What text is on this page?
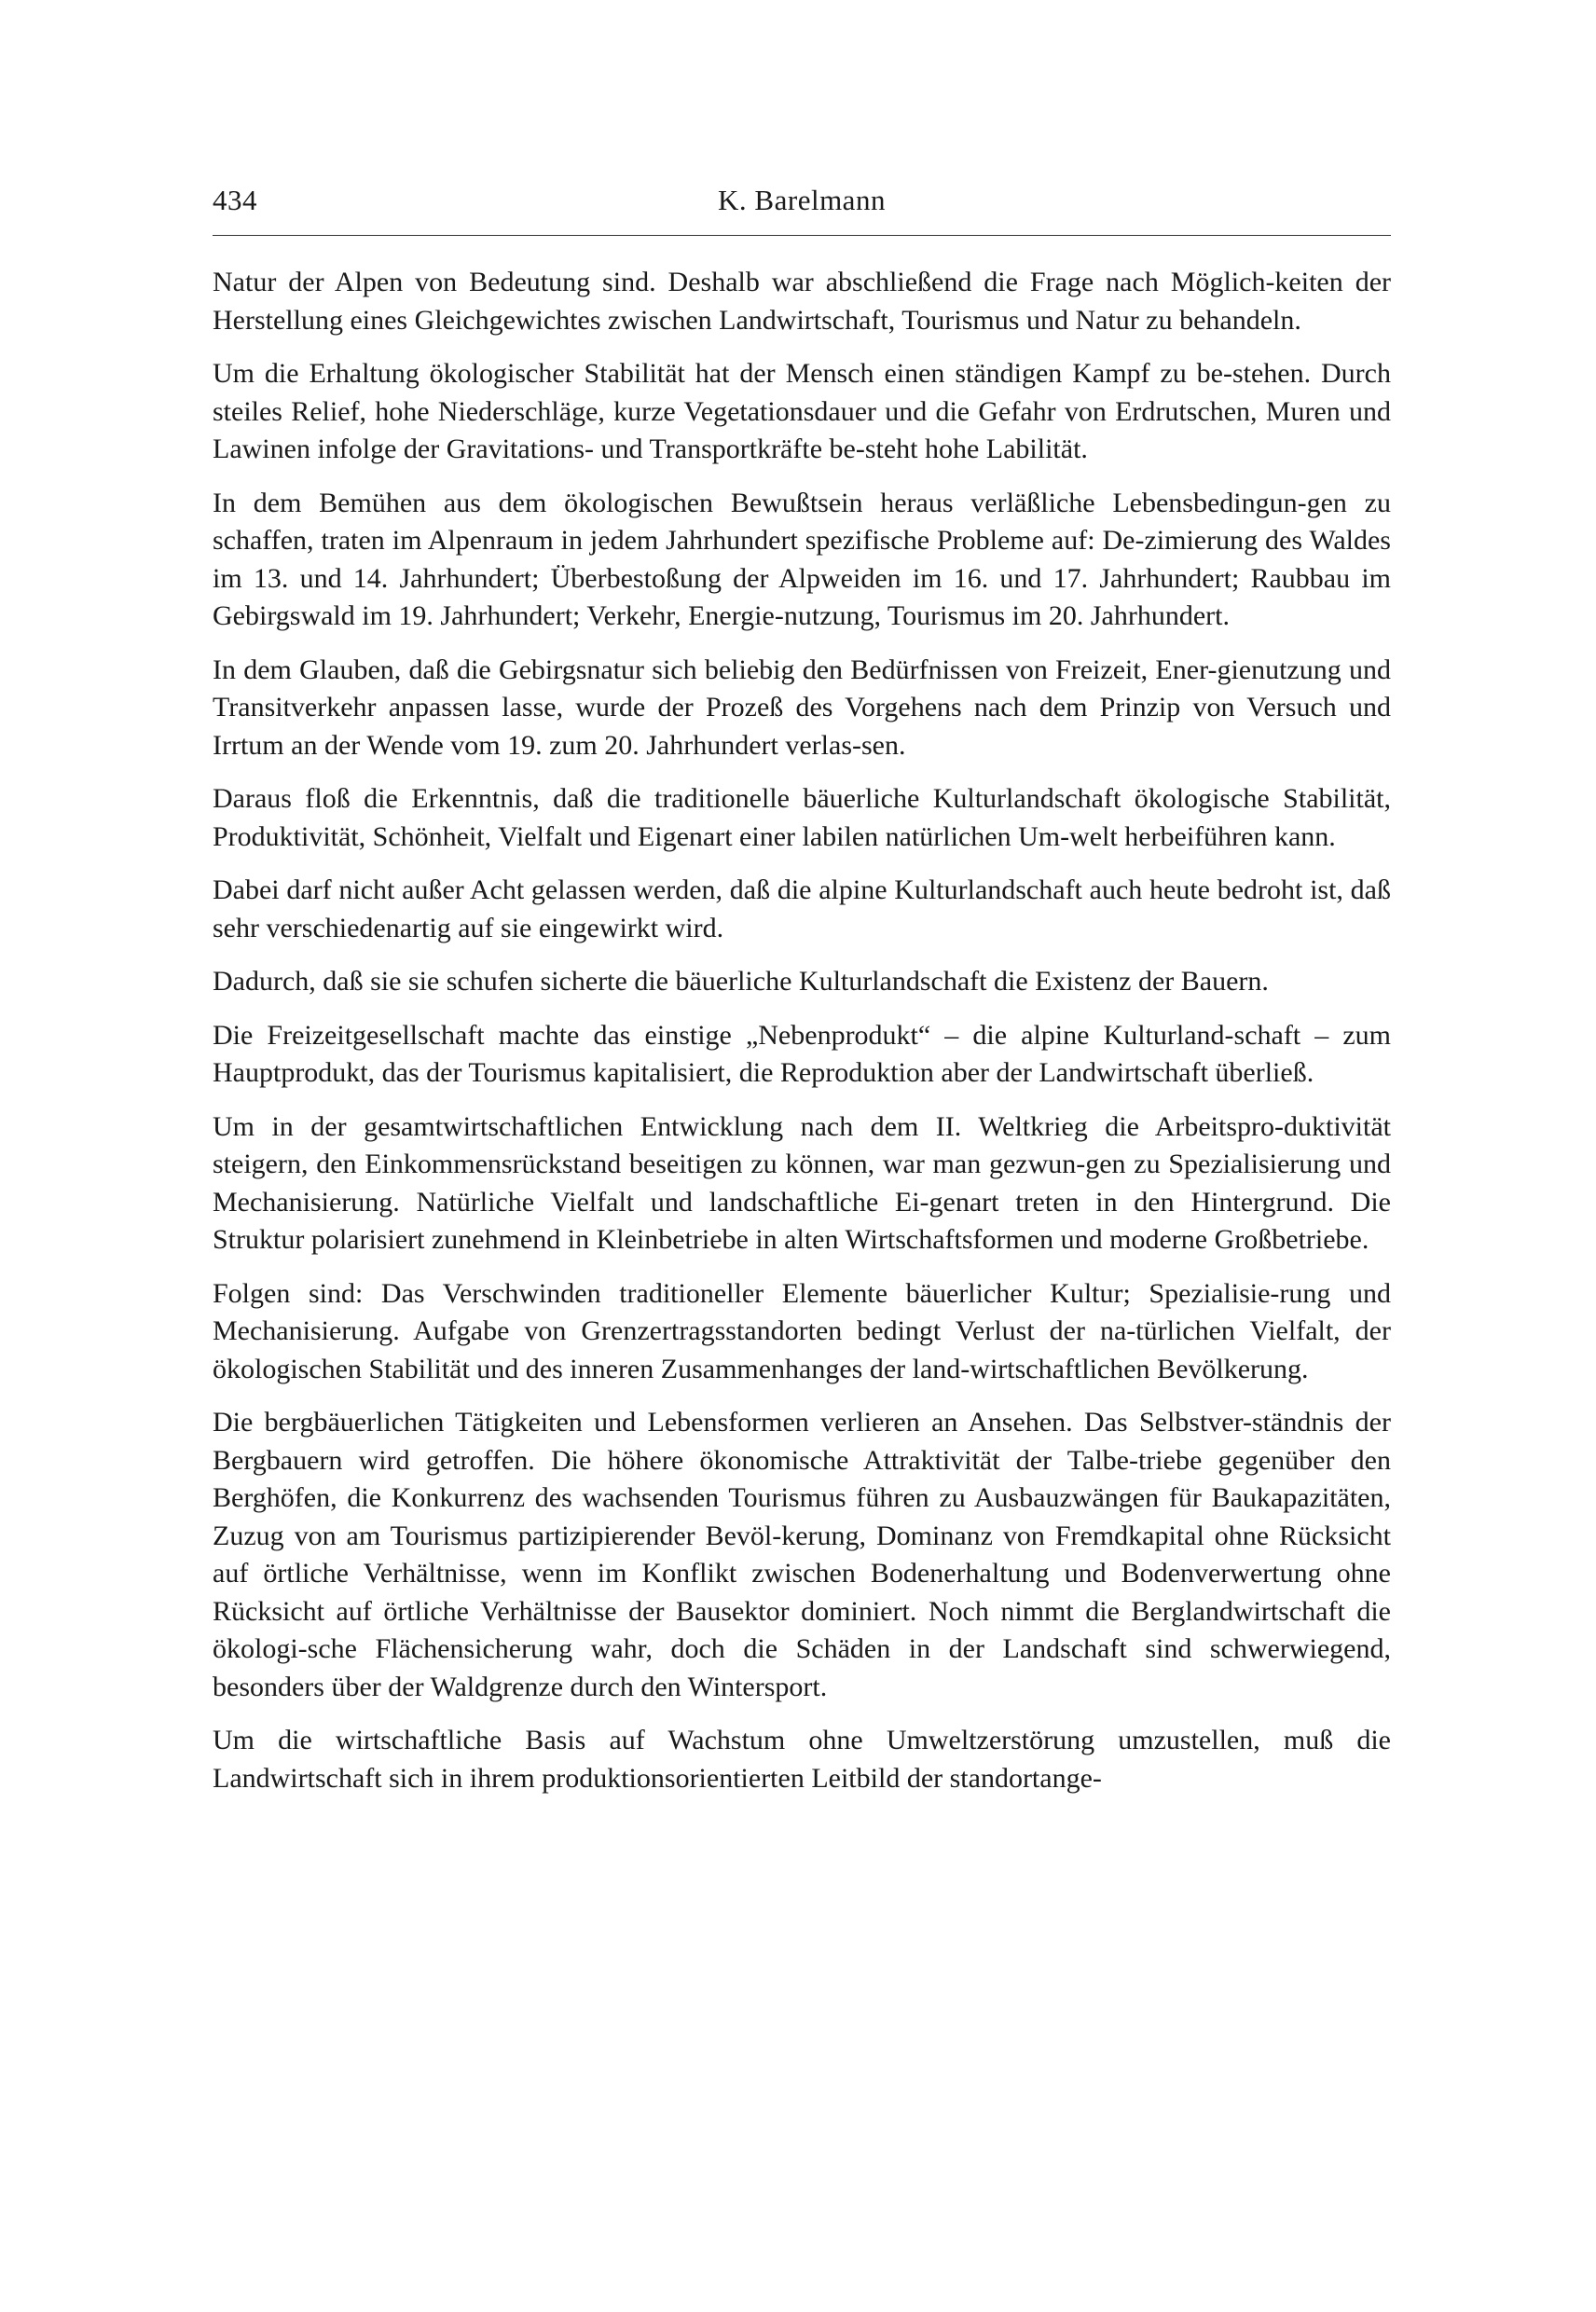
434	K. Barelmann

Natur der Alpen von Bedeutung sind. Deshalb war abschließend die Frage nach Möglich-keiten der Herstellung eines Gleichgewichtes zwischen Landwirtschaft, Tourismus und Natur zu behandeln.

Um die Erhaltung ökologischer Stabilität hat der Mensch einen ständigen Kampf zu be-stehen. Durch steiles Relief, hohe Niederschläge, kurze Vegetationsdauer und die Gefahr von Erdrutschen, Muren und Lawinen infolge der Gravitations- und Transportkräfte be-steht hohe Labilität.

In dem Bemühen aus dem ökologischen Bewußtsein heraus verläßliche Lebensbedingun-gen zu schaffen, traten im Alpenraum in jedem Jahrhundert spezifische Probleme auf: De-zimierung des Waldes im 13. und 14. Jahrhundert; Überbestoßung der Alpweiden im 16. und 17. Jahrhundert; Raubbau im Gebirgswald im 19. Jahrhundert; Verkehr, Energie-nutzung, Tourismus im 20. Jahrhundert.

In dem Glauben, daß die Gebirgsnatur sich beliebig den Bedürfnissen von Freizeit, Ener-gienutzung und Transitverkehr anpassen lasse, wurde der Prozeß des Vorgehens nach dem Prinzip von Versuch und Irrtum an der Wende vom 19. zum 20. Jahrhundert verlas-sen.

Daraus floß die Erkenntnis, daß die traditionelle bäuerliche Kulturlandschaft ökologische Stabilität, Produktivität, Schönheit, Vielfalt und Eigenart einer labilen natürlichen Um-welt herbeiführen kann.

Dabei darf nicht außer Acht gelassen werden, daß die alpine Kulturlandschaft auch heute bedroht ist, daß sehr verschiedenartig auf sie eingewirkt wird.

Dadurch, daß sie sie schufen sicherte die bäuerliche Kulturlandschaft die Existenz der Bauern.

Die Freizeitgesellschaft machte das einstige „Nebenprodukt“ – die alpine Kulturland-schaft – zum Hauptprodukt, das der Tourismus kapitalisiert, die Reproduktion aber der Landwirtschaft überließ.

Um in der gesamtwirtschaftlichen Entwicklung nach dem II. Weltkrieg die Arbeitspro-duktivität steigern, den Einkommensrückstand beseitigen zu können, war man gezwun-gen zu Spezialisierung und Mechanisierung. Natürliche Vielfalt und landschaftliche Ei-genart treten in den Hintergrund. Die Struktur polarisiert zunehmend in Kleinbetriebe in alten Wirtschaftsformen und moderne Großbetriebe.

Folgen sind: Das Verschwinden traditioneller Elemente bäuerlicher Kultur; Spezialisie-rung und Mechanisierung. Aufgabe von Grenzertragsstandorten bedingt Verlust der na-türlichen Vielfalt, der ökologischen Stabilität und des inneren Zusammenhanges der land-wirtschaftlichen Bevölkerung.

Die bergbäuerlichen Tätigkeiten und Lebensformen verlieren an Ansehen. Das Selbstver-ständnis der Bergbauern wird getroffen. Die höhere ökonomische Attraktivität der Talbe-triebe gegenüber den Berghöfen, die Konkurrenz des wachsenden Tourismus führen zu Ausbauzwängen für Baukapazitäten, Zuzug von am Tourismus partizipierender Bevöl-kerung, Dominanz von Fremdkapital ohne Rücksicht auf örtliche Verhältnisse, wenn im Konflikt zwischen Bodenerhaltung und Bodenverwertung ohne Rücksicht auf örtliche Verhältnisse der Bausektor dominiert. Noch nimmt die Berglandwirtschaft die ökologi-sche Flächensicherung wahr, doch die Schäden in der Landschaft sind schwerwiegend, besonders über der Waldgrenze durch den Wintersport.

Um die wirtschaftliche Basis auf Wachstum ohne Umweltzerstörung umzustellen, muß die Landwirtschaft sich in ihrem produktionsorientierten Leitbild der standortange-
